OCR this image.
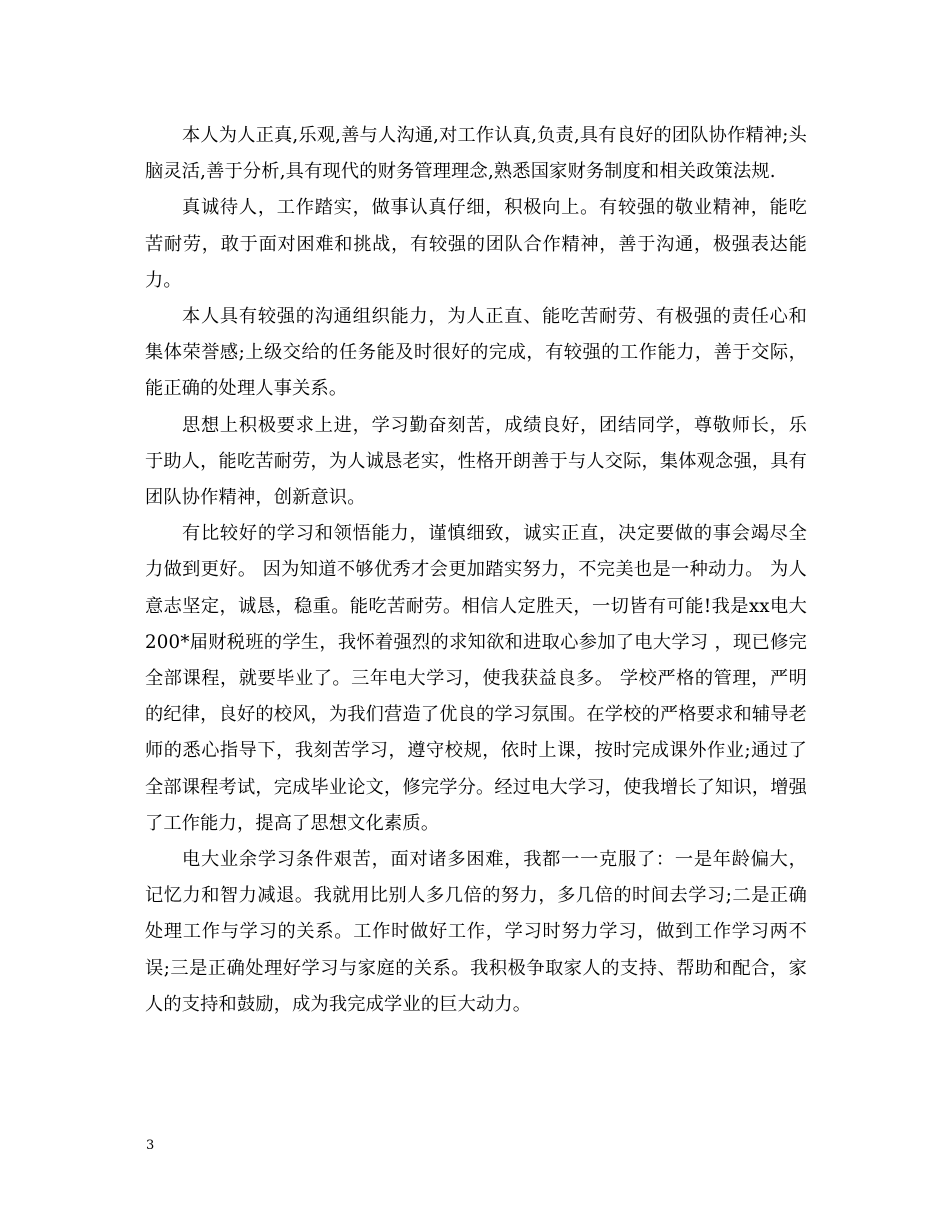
本人为人正真,乐观,善与人沟通,对工作认真,负责,具有良好的团队协作精神;头脑灵活,善于分析,具有现代的财务管理理念,熟悉国家财务制度和相关政策法规.

真诚待人，工作踏实，做事认真仔细，积极向上。有较强的敬业精神，能吃苦耐劳，敢于面对困难和挑战，有较强的团队合作精神，善于沟通，极强表达能力。

本人具有较强的沟通组织能力，为人正直、能吃苦耐劳、有极强的责任心和集体荣誉感;上级交给的任务能及时很好的完成，有较强的工作能力，善于交际，能正确的处理人事关系。

思想上积极要求上进，学习勤奋刻苦，成绩良好，团结同学，尊敬师长，乐于助人，能吃苦耐劳，为人诚恳老实，性格开朗善于与人交际，集体观念强，具有团队协作精神，创新意识。

有比较好的学习和领悟能力，谨慎细致，诚实正直，决定要做的事会竭尽全力做到更好。 因为知道不够优秀才会更加踏实努力，不完美也是一种动力。 为人意志坚定，诚恳，稳重。能吃苦耐劳。相信人定胜天，一切皆有可能!我是xx电大200*届财税班的学生，我怀着强烈的求知欲和进取心参加了电大学习 ，现已修完全部课程，就要毕业了。三年电大学习，使我获益良多。 学校严格的管理，严明的纪律，良好的校风，为我们营造了优良的学习氛围。在学校的严格要求和辅导老师的悉心指导下，我刻苦学习，遵守校规，依时上课，按时完成课外作业;通过了全部课程考试，完成毕业论文，修完学分。经过电大学习，使我增长了知识，增强了工作能力，提高了思想文化素质。

电大业余学习条件艰苦，面对诸多困难，我都一一克服了：一是年龄偏大，记忆力和智力减退。我就用比别人多几倍的努力，多几倍的时间去学习;二是正确处理工作与学习的关系。工作时做好工作，学习时努力学习，做到工作学习两不误;三是正确处理好学习与家庭的关系。我积极争取家人的支持、帮助和配合，家人的支持和鼓励，成为我完成学业的巨大动力。

3
